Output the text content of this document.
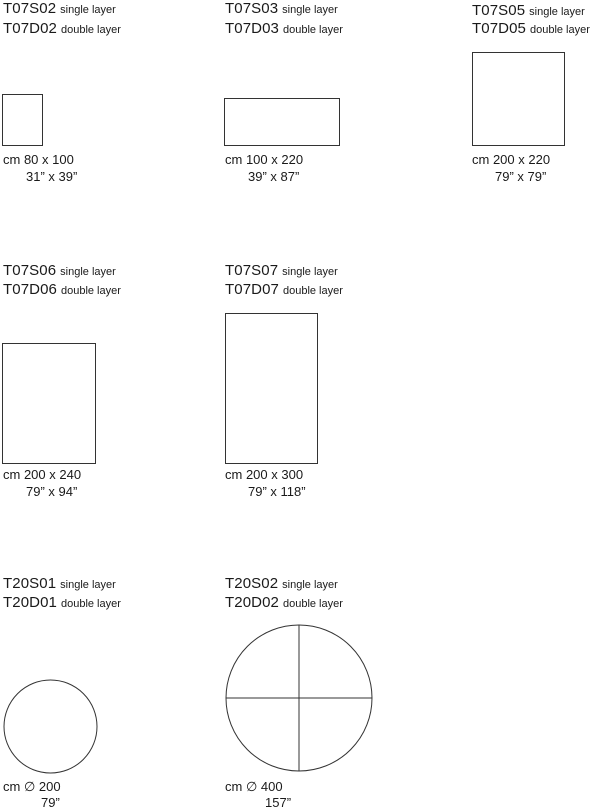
T07S02 single layer
T07D02 double layer
cm 80 x 100
31” x 39”
T07S03 single layer
T07D03 double layer
cm 100 x 220
39” x 87”
T07S05 single layer
T07D05 double layer
cm 200 x 220
79” x 79”
T07S06 single layer
T07D06 double layer
cm 200 x 240
79” x 94”
T07S07 single layer
T07D07 double layer
cm 200 x 300
79” x 118”
T20S01 single layer
T20D01 double layer
cm ∅ 200
79”
T20S02 single layer
T20D02 double layer
cm ∅ 400
157”
